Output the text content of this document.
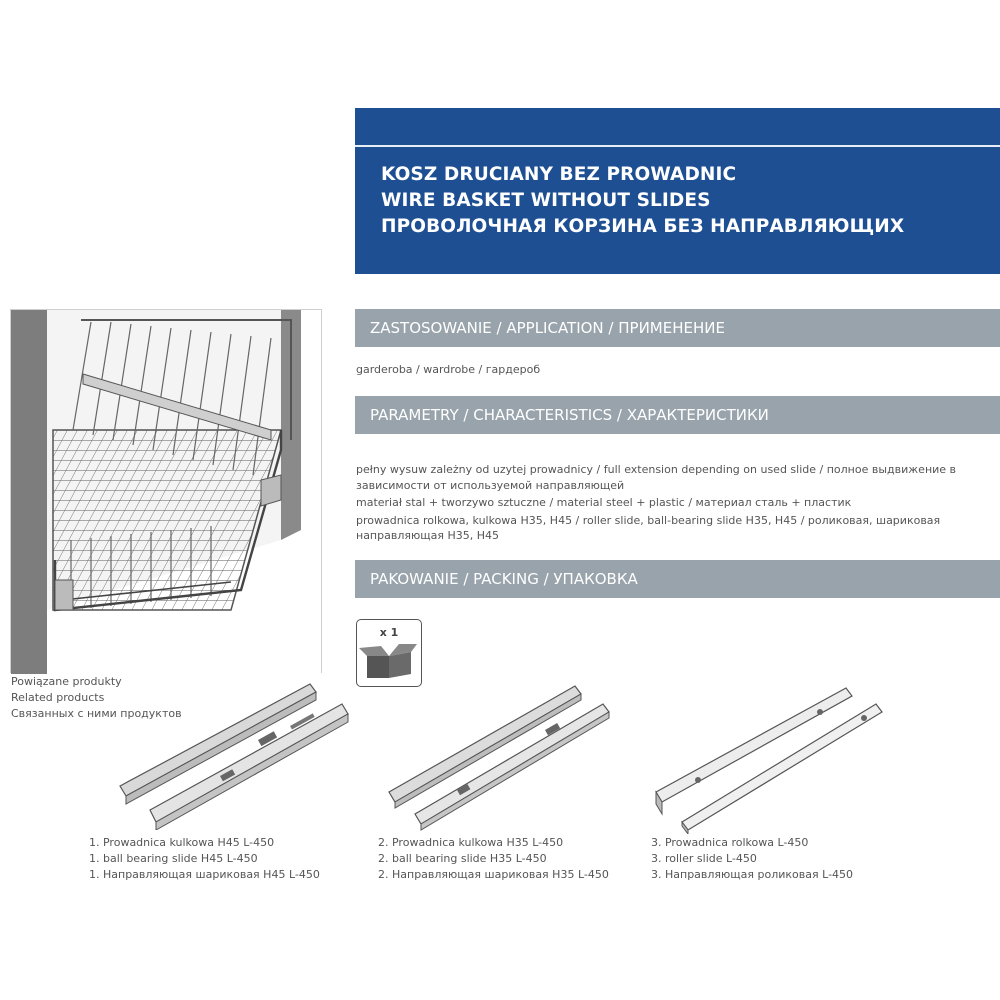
KOSZ DRUCIANY BEZ PROWADNIC
WIRE BASKET WITHOUT SLIDES
ПРОВОЛОЧНАЯ КОРЗИНА БЕЗ НАПРАВЛЯЮЩИХ
ZASTOSOWANIE / APPLICATION / ПРИМЕНЕНИЕ
garderoba / wardrobe / гардероб
PARAMETRY / CHARACTERISTICS / ХАРАКТЕРИСТИКИ
pełny wysuw zależny od uzytej prowadnicy / full extension depending on used slide / полное выдвижение в
зависимости от используемой направляющей
materiał stal + tworzywo sztuczne / material steel + plastic / материал сталь + пластик
prowadnica rolkowa, kulkowa H35, H45 / roller slide, ball-bearing slide H35, H45 / роликовая, шариковая
направляющая H35, H45
PAKOWANIE / PACKING / УПАКОВКА
x 1
Powiązane produkty
Related products
Связанных с ними продуктов
1. Prowadnica kulkowa H45 L-450
1. ball bearing slide H45 L-450
1. Направляющая шариковая H45 L-450
2. Prowadnica kulkowa H35 L-450
2. ball bearing slide H35 L-450
2. Направляющая шариковая H35 L-450
3. Prowadnica rolkowa L-450
3. roller slide L-450
3. Направляющая роликовая L-450
